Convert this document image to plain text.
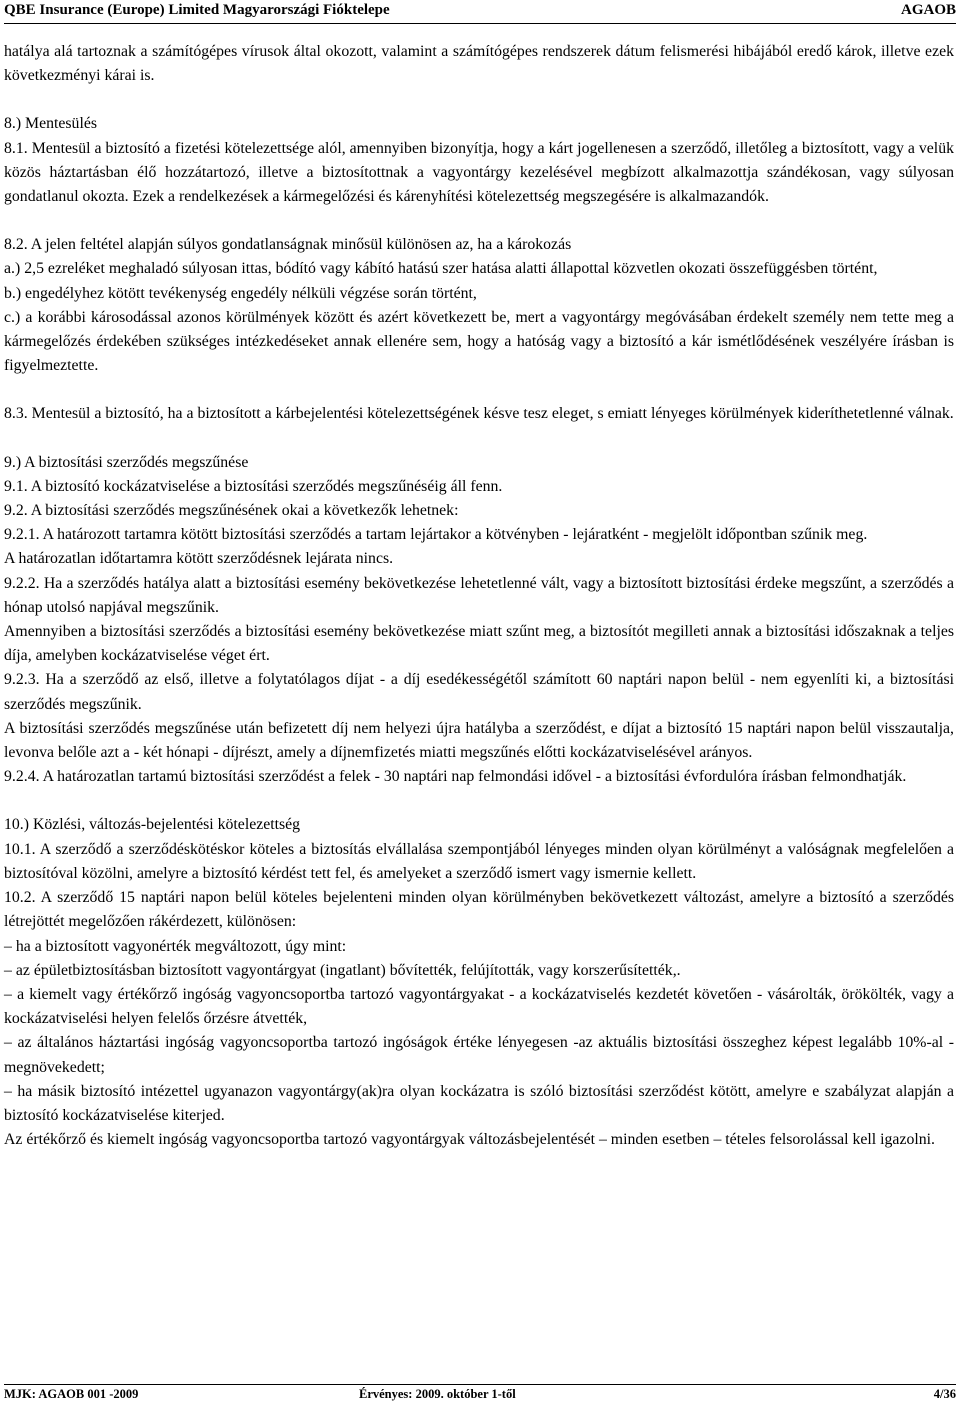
QBE Insurance (Europe) Limited Magyarországi Fióktelepe	AGAOB

hatálya alá tartoznak a számítógépes vírusok által okozott, valamint a számítógépes rendszerek dátum felismerési hibájából eredő károk, illetve ezek következményi kárai is.

8.) Mentesülés

8.1. Mentesül a biztosító a fizetési kötelezettsége alól, amennyiben bizonyítja, hogy a kárt jogellenesen a szerződő, illetőleg a biztosított, vagy a velük közös háztartásban élő hozzátartozó, illetve a biztosítottnak a vagyontárgy kezelésével megbízott alkalmazottja szándékosan, vagy súlyosan gondatlanul okozta. Ezek a rendelkezések a kármegelőzési és kárenyhítési kötelezettség megszegésére is alkalmazandók.

8.2. A jelen feltétel alapján súlyos gondatlanságnak minősül különösen az, ha a károkozás

a.) 2,5 ezreléket meghaladó súlyosan ittas, bódító vagy kábító hatású szer hatása alatti állapottal közvetlen okozati összefüggésben történt,

b.) engedélyhez kötött tevékenység engedély nélküli végzése során történt,

c.) a korábbi károsodással azonos körülmények között és azért következett be, mert a vagyontárgy megóvásában érdekelt személy nem tette meg a kármegelőzés érdekében szükséges intézkedéseket annak ellenére sem, hogy a hatóság vagy a biztosító a kár ismétlődésének veszélyére írásban is figyelmeztette.

8.3. Mentesül a biztosító, ha a biztosított a kárbejelentési kötelezettségének késve tesz eleget, s emiatt lényeges körülmények kideríthetetlenné válnak.

9.) A biztosítási szerződés megszűnése

9.1. A biztosító kockázatviselése a biztosítási szerződés megszűnéséig áll fenn.

9.2. A biztosítási szerződés megszűnésének okai a következők lehetnek:

9.2.1. A határozott tartamra kötött biztosítási szerződés a tartam lejártakor a kötvényben - lejáratként - megjelölt időpontban szűnik meg.

A határozatlan időtartamra kötött szerződésnek lejárata nincs.

9.2.2. Ha a szerződés hatálya alatt a biztosítási esemény bekövetkezése lehetetlenné vált, vagy a biztosított biztosítási érdeke megszűnt, a szerződés a hónap utolsó napjával megszűnik.

Amennyiben a biztosítási szerződés a biztosítási esemény bekövetkezése miatt szűnt meg, a biztosítót megilleti annak a biztosítási időszaknak a teljes díja, amelyben kockázatviselése véget ért.

9.2.3. Ha a szerződő az első, illetve a folytatólagos díjat - a díj esedékességétől számított 60 naptári napon belül - nem egyenlíti ki, a biztosítási szerződés megszűnik.

A biztosítási szerződés megszűnése után befizetett díj nem helyezi újra hatályba a szerződést, e díjat a biztosító 15 naptári napon belül visszautalja, levonva belőle azt a - két hónapi - díjrészt, amely a díjnemfizetés miatti megszűnés előtti kockázatviselésével arányos.

9.2.4. A határozatlan tartamú biztosítási szerződést a felek - 30 naptári nap felmondási idővel - a biztosítási évfordulóra írásban felmondhatják.

10.) Közlési, változás-bejelentési kötelezettség

10.1. A szerződő a szerződéskötéskor köteles a biztosítás elvállalása szempontjából lényeges minden olyan körülményt a valóságnak megfelelően a biztosítóval közölni, amelyre a biztosító kérdést tett fel, és amelyeket a szerződő ismert vagy ismernie kellett.

10.2. A szerződő 15 naptári napon belül köteles bejelenteni minden olyan körülményben bekövetkezett változást, amelyre a biztosító a szerződés létrejöttét megelőzően rákérdezett, különösen:

– ha a biztosított vagyonérték megváltozott, úgy mint:

– az épületbiztosításban biztosított vagyontárgyat (ingatlant) bővítették, felújították, vagy korszerűsítették,.

– a kiemelt vagy értékőrző ingóság vagyoncsoportba tartozó vagyontárgyakat - a kockázatviselés kezdetét követően - vásárolták, örökölték, vagy a kockázatviselési helyen felelős őrzésre átvették,

– az általános háztartási ingóság vagyoncsoportba tartozó ingóságok értéke lényegesen -az aktuális biztosítási összeghez képest legalább 10%-al - megnövekedett;

– ha másik biztosító intézettel ugyanazon vagyontárgy(ak)ra olyan kockázatra is szóló biztosítási szerződést kötött, amelyre e szabályzat alapján a biztosító kockázatviselése kiterjed.

Az értékőrző és kiemelt ingóság vagyoncsoportba tartozó vagyontárgyak változásbejelentését – minden esetben – tételes felsorolással kell igazolni.

MJK: AGAOB 001 -2009	Érvényes: 2009. október 1-től	4/36
